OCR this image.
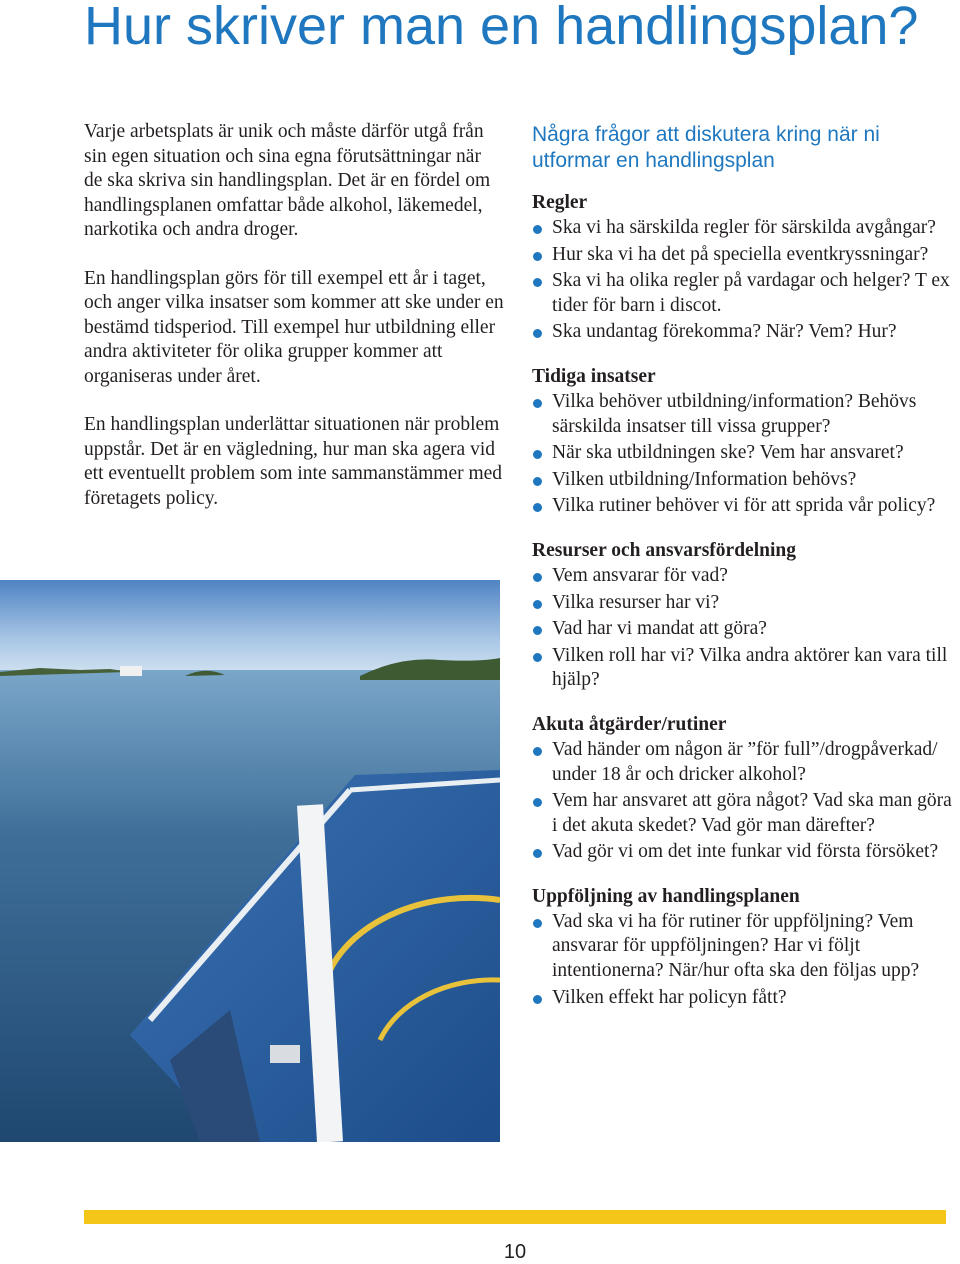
Hur skriver man en handlingsplan?

Varje arbetsplats är unik och måste därför utgå från sin egen situation och sina egna förutsättningar när de ska skriva sin handlingsplan. Det är en fördel om handlingsplanen omfattar både alkohol, läkemedel, narkotika och andra droger.

En handlingsplan görs för till exempel ett år i taget, och anger vilka insatser som kommer att ske under en bestämd tidsperiod. Till exempel hur utbildning eller andra aktiviteter för olika grupper kommer att organiseras under året.

En handlingsplan underlättar situationen när problem uppstår. Det är en vägledning, hur man ska agera vid ett eventuellt problem som inte sammanstämmer med företagets policy.

Några frågor att diskutera kring när ni utformar en handlingsplan
Regler
Ska vi ha särskilda regler för särskilda avgångar?
Hur ska vi ha det på speciella eventkryssningar?
Ska vi ha olika regler på vardagar och helger? T ex tider för barn i discot.
Ska undantag förekomma? När? Vem? Hur?
Tidiga insatser
Vilka behöver utbildning/information? Behövs särskilda insatser till vissa grupper?
När ska utbildningen ske? Vem har ansvaret?
Vilken utbildning/Information behövs?
Vilka rutiner behöver vi för att sprida vår policy?
Resurser och ansvarsfördelning
Vem ansvarar för vad?
Vilka resurser har vi?
Vad har vi mandat att göra?
Vilken roll har vi? Vilka andra aktörer kan vara till hjälp?
Akuta åtgärder/rutiner
Vad händer om någon är ”för full”/drogpåverkad/ under 18 år och dricker alkohol?
Vem har ansvaret att göra något? Vad ska man göra i det akuta skedet? Vad gör man därefter?
Vad gör vi om det inte funkar vid första försöket?
Uppföljning av handlingsplanen
Vad ska vi ha för rutiner för uppföljning? Vem ansvarar för uppföljningen? Har vi följt intentionerna? När/hur ofta ska den följas upp?
Vilken effekt har policyn fått?
10
